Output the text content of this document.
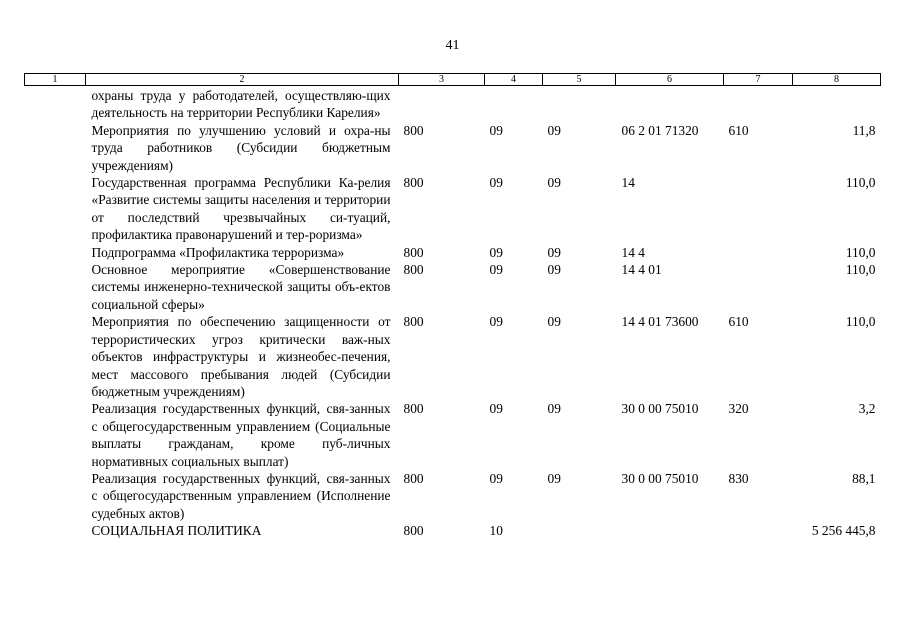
41
1	2	3	4	5	6	7	8
	охраны труда у работодателей, осуществляю-щих деятельность на территории Республики Карелия»						
	Мероприятия по улучшению условий и охра-ны труда работников (Субсидии бюджетным учреждениям)	800	09	09	06 2 01 71320	610	11,8
	Государственная программа Республики Ка-релия «Развитие системы защиты населения и территории от последствий чрезвычайных си-туаций, профилактика правонарушений и тер-роризма»	800	09	09	14		110,0
	Подпрограмма «Профилактика терроризма»	800	09	09	14 4		110,0
	Основное мероприятие «Совершенствование системы инженерно-технической защиты объ-ектов социальной сферы»	800	09	09	14 4 01		110,0
	Мероприятия по обеспечению защищенности от террористических угроз критически важ-ных объектов инфраструктуры и жизнеобес-печения, мест массового пребывания людей (Субсидии бюджетным учреждениям)	800	09	09	14 4 01 73600	610	110,0
	Реализация государственных функций, свя-занных с общегосударственным управлением (Социальные выплаты гражданам, кроме пуб-личных нормативных социальных выплат)	800	09	09	30 0 00 75010	320	3,2
	Реализация государственных функций, свя-занных с общегосударственным управлением (Исполнение судебных актов)	800	09	09	30 0 00 75010	830	88,1
	СОЦИАЛЬНАЯ ПОЛИТИКА	800	10				5 256 445,8
